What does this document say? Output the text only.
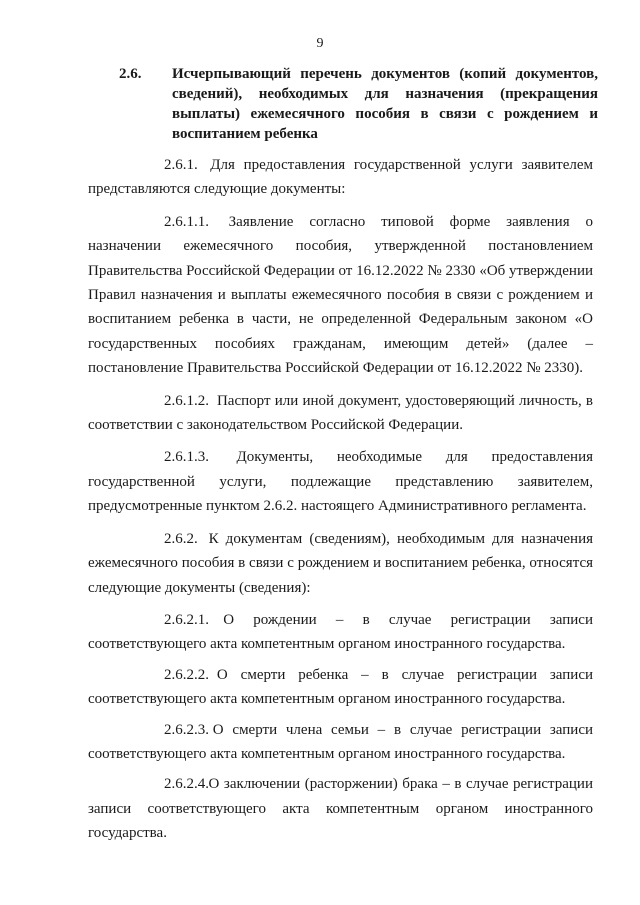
9
2.6. Исчерпывающий перечень документов (копий документов, сведений), необходимых для назначения (прекращения выплаты) ежемесячного пособия в связи с рождением и воспитанием ребенка

2.6.1.  Для предоставления государственной услуги заявителем представляются следующие документы:

2.6.1.1.  Заявление согласно типовой форме заявления о назначении ежемесячного пособия, утвержденной постановлением Правительства Российской Федерации от 16.12.2022 № 2330 «Об утверждении Правил назначения и выплаты ежемесячного пособия в связи с рождением и воспитанием ребенка в части, не определенной Федеральным законом «О государственных пособиях гражданам, имеющим детей» (далее – постановление Правительства Российской Федерации от 16.12.2022 № 2330).

2.6.1.2.  Паспорт или иной документ, удостоверяющий личность, в соответствии с законодательством Российской Федерации.

2.6.1.3.  Документы, необходимые для предоставления государственной услуги, подлежащие представлению заявителем, предусмотренные пунктом 2.6.2. настоящего Административного регламента.

2.6.2.  К документам (сведениям), необходимым для назначения ежемесячного пособия в связи с рождением и воспитанием ребенка, относятся следующие документы (сведения):

2.6.2.1.  О рождении – в случае регистрации записи соответствующего акта компетентным органом иностранного государства.

2.6.2.2.  О смерти ребенка – в случае регистрации записи соответствующего акта компетентным органом иностранного государства.

2.6.2.3.  О смерти члена семьи – в случае регистрации записи соответствующего акта компетентным органом иностранного государства.

2.6.2.4.  О заключении (расторжении) брака – в случае регистрации записи соответствующего акта компетентным органом иностранного государства.
